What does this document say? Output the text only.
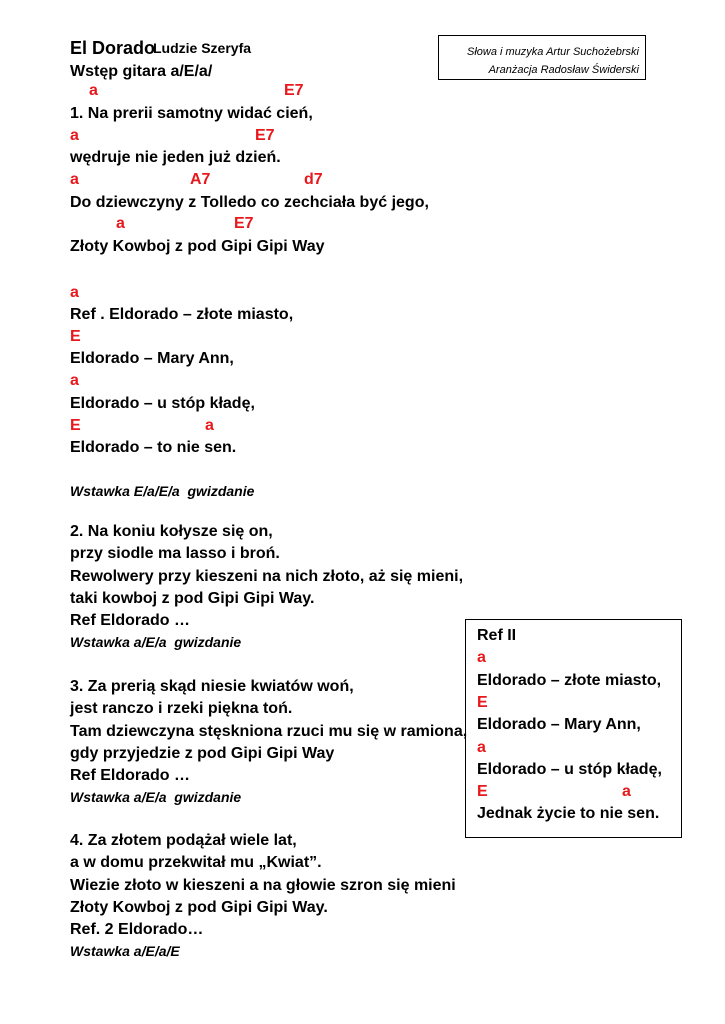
El Dorado
Ludzie Szeryfa
Wstęp gitara a/E/a/
Słowa i muzyka Artur Suchożebrski
Aranżacja Radosław Świderski
a	E7
1. Na prerii samotny widać cień,
a	E7
wędruje nie jeden już dzień.
a	A7	d7
Do dziewczyny z Tolledo co zechciała być jego,
a	E7
Złoty Kowboj z pod Gipi Gipi Way
a
Ref . Eldorado – złote miasto,
E
Eldorado – Mary Ann,
a
Eldorado – u stóp kładę,
E	a
Eldorado – to nie sen.
Wstawka E/a/E/a  gwizdanie
2. Na koniu kołysze się on,
przy siodle ma lasso i broń.
Rewolwery przy kieszeni na nich złoto, aż się mieni,
taki kowboj z pod Gipi Gipi Way.
Ref Eldorado …
Wstawka a/E/a  gwizdanie
3. Za prerią skąd niesie kwiatów woń,
jest ranczo i rzeki piękna toń.
Tam dziewczyna stęskniona rzuci mu się w ramiona,
gdy przyjedzie z pod Gipi Gipi Way
Ref Eldorado …
Wstawka a/E/a  gwizdanie
4. Za złotem podążał wiele lat,
a w domu przekwitał mu „Kwiat”.
Wiezie złoto w kieszeni a na głowie szron się mieni
Złoty Kowboj z pod Gipi Gipi Way.
Ref. 2 Eldorado…
Wstawka a/E/a/E
Ref II
a
Eldorado – złote miasto,
E
Eldorado – Mary Ann,
a
Eldorado – u stóp kładę,
E	a
Jednak życie to nie sen.
